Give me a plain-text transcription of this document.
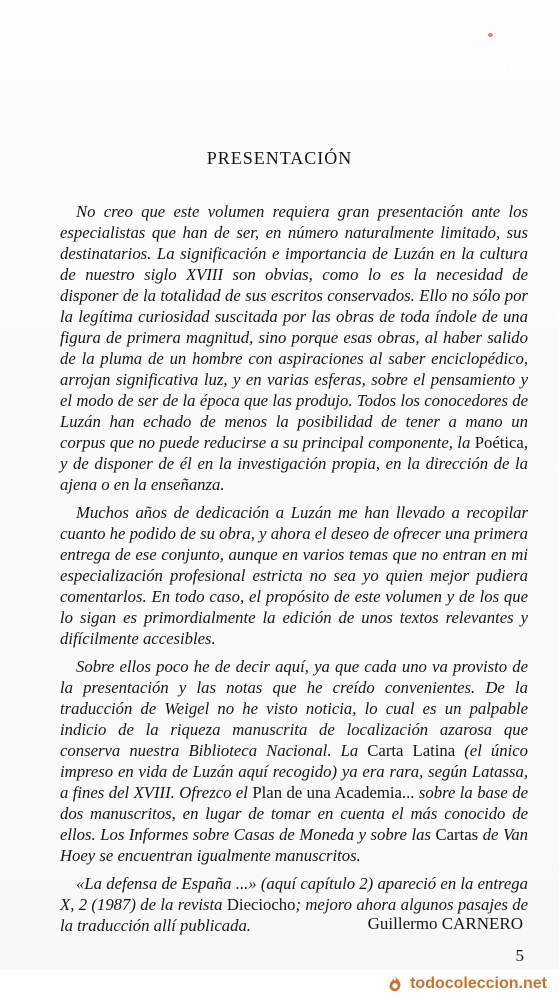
PRESENTACIÓN

No creo que este volumen requiera gran presentación ante los especialistas que han de ser, en número naturalmente limitado, sus destinatarios. La significación e importancia de Luzán en la cultura de nuestro siglo XVIII son obvias, como lo es la necesidad de disponer de la totalidad de sus escritos conservados. Ello no sólo por la legítima curiosidad suscitada por las obras de toda índole de una figura de primera magnitud, sino porque esas obras, al haber salido de la pluma de un hombre con aspiraciones al saber enciclopédico, arrojan significativa luz, y en varias esferas, sobre el pensamiento y el modo de ser de la época que las produjo. Todos los conocedores de Luzán han echado de menos la posibilidad de tener a mano un corpus que no puede reducirse a su principal componente, la Poética, y de disponer de él en la investigación propia, en la dirección de la ajena o en la enseñanza.

Muchos años de dedicación a Luzán me han llevado a recopilar cuanto he podido de su obra, y ahora el deseo de ofrecer una primera entrega de ese conjunto, aunque en varios temas que no entran en mi especialización profesional estricta no sea yo quien mejor pudiera comentarlos. En todo caso, el propósito de este volumen y de los que lo sigan es primordialmente la edición de unos textos relevantes y difícilmente accesibles.

Sobre ellos poco he de decir aquí, ya que cada uno va provisto de la presentación y las notas que he creído convenientes. De la traducción de Weigel no he visto noticia, lo cual es un palpable indicio de la riqueza manuscrita de localización azarosa que conserva nuestra Biblioteca Nacional. La Carta Latina (el único impreso en vida de Luzán aquí recogido) ya era rara, según Latassa, a fines del XVIII. Ofrezco el Plan de una Academia... sobre la base de dos manuscritos, en lugar de tomar en cuenta el más conocido de ellos. Los Informes sobre Casas de Moneda y sobre las Cartas de Van Hoey se encuentran igualmente manuscritos.

«La defensa de España ...» (aquí capítulo 2) apareció en la entrega X, 2 (1987) de la revista Dieciocho; mejoro ahora algunos pasajes de la traducción allí publicada.	Guillermo CARNERO
5
todocoleccion.net
